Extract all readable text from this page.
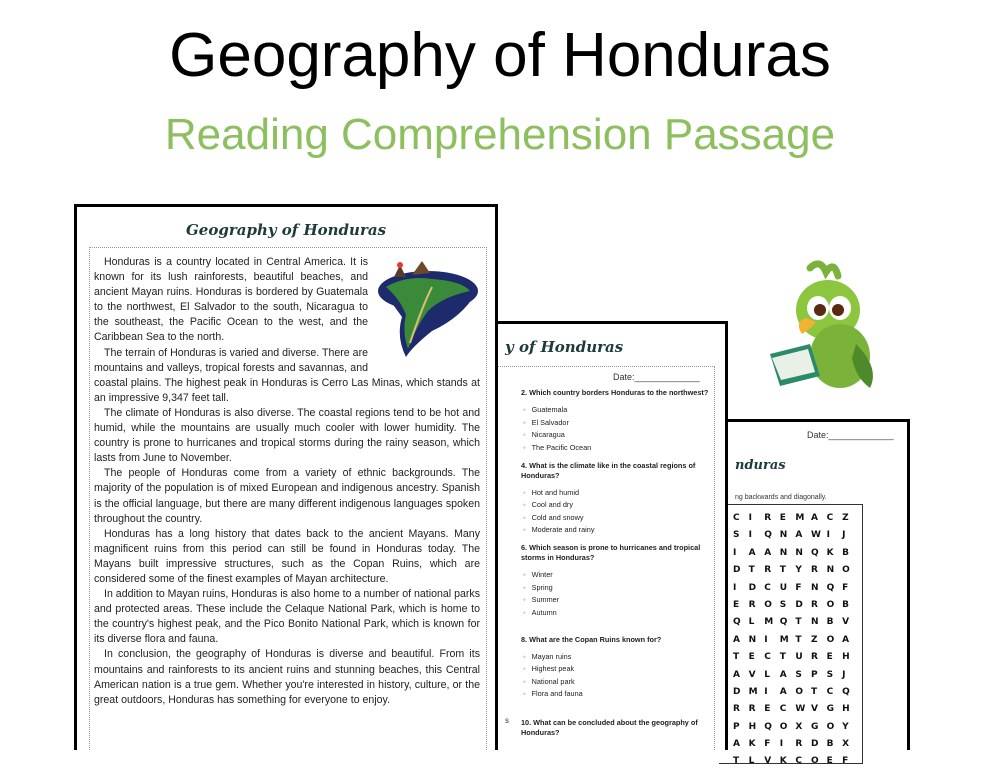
Geography of Honduras
Reading Comprehension Passage
Geography of Honduras

Honduras is a country located in Central America. It is known for its lush rainforests, beautiful beaches, and ancient Mayan ruins. Honduras is bordered by Guatemala to the northwest, El Salvador to the south, Nicaragua to the southeast, the Pacific Ocean to the west, and the Caribbean Sea to the north.

The terrain of Honduras is varied and diverse. There are mountains and valleys, tropical forests and savannas, and coastal plains. The highest peak in Honduras is Cerro Las Minas, which stands at an impressive 9,347 feet tall.

The climate of Honduras is also diverse. The coastal regions tend to be hot and humid, while the mountains are usually much cooler with lower humidity. The country is prone to hurricanes and tropical storms during the rainy season, which lasts from June to November.

The people of Honduras come from a variety of ethnic backgrounds. The majority of the population is of mixed European and indigenous ancestry. Spanish is the official language, but there are many different indigenous languages spoken throughout the country.

Honduras has a long history that dates back to the ancient Mayans. Many magnificent ruins from this period can still be found in Honduras today. The Mayans built impressive structures, such as the Copan Ruins, which are considered some of the finest examples of Mayan architecture.

In addition to Mayan ruins, Honduras is also home to a number of national parks and protected areas. These include the Celaque National Park, which is home to the country's highest peak, and the Pico Bonito National Park, which is known for its diverse flora and fauna.

In conclusion, the geography of Honduras is diverse and beautiful. From its mountains and rainforests to its ancient ruins and stunning beaches, this Central American nation is a true gem. Whether you're interested in history, culture, or the great outdoors, Honduras has something for everyone to enjoy.

y of Honduras
Date:_____________
s
2. Which country borders Honduras to the northwest?
◦ Guatemala
◦ El Salvador
◦ Nicaragua
◦ The Pacific Ocean
4. What is the climate like in the coastal regions of Honduras?
◦ Hot and humid
◦ Cool and dry
◦ Cold and snowy
◦ Moderate and rainy
6. Which season is prone to hurricanes and tropical storms in Honduras?
◦ Winter
◦ Spring
◦ Summer
◦ Autumn
8. What are the Copan Ruins known for?
◦ Mayan ruins
◦ Highest peak
◦ National park
◦ Flora and fauna
10. What can be concluded about the geography of Honduras?
Date:_____________
nduras
ng backwards and diagonally.
C I	R E	M A C Z
S	I	Q N A W I	J
I	A A N N Q K B
D T	R T	Y	R N O
I	D C U F	N Q F
E	R O S	D R O B
Q L	M Q T	N B V
A N I	M T	Z	O A
T	E	C T	U R E	H
A V L	A S	P S	J
D M I	A O T	C Q
R R E	C W V G H
P H Q O X G O Y
A K F	I	R D B X
T	L	V K C O E	F
